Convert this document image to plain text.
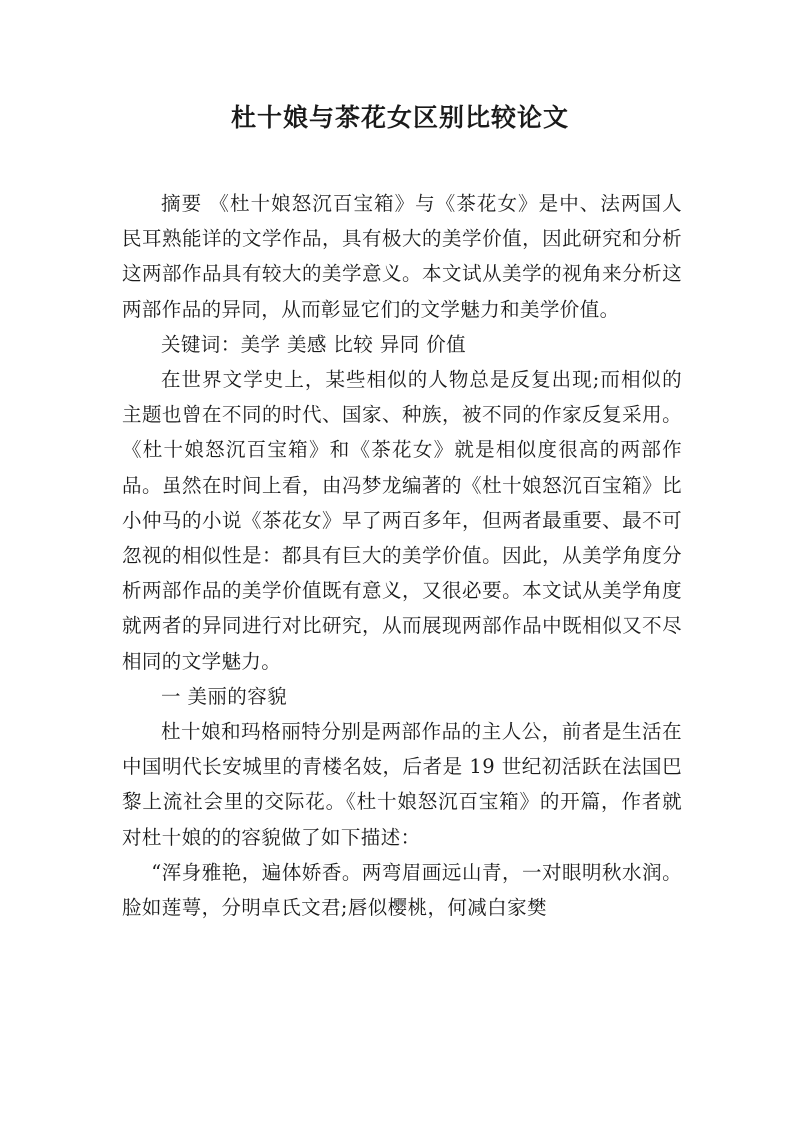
杜十娘与茶花女区别比较论文

摘要 《杜十娘怒沉百宝箱》与《茶花女》是中、法两国人民耳熟能详的文学作品，具有极大的美学价值，因此研究和分析这两部作品具有较大的美学意义。本文试从美学的视角来分析这两部作品的异同，从而彰显它们的文学魅力和美学价值。

关键词：美学 美感 比较 异同 价值

在世界文学史上，某些相似的人物总是反复出现;而相似的主题也曾在不同的时代、国家、种族，被不同的作家反复采用。《杜十娘怒沉百宝箱》和《茶花女》就是相似度很高的两部作品。虽然在时间上看，由冯梦龙编著的《杜十娘怒沉百宝箱》比小仲马的小说《茶花女》早了两百多年，但两者最重要、最不可忽视的相似性是：都具有巨大的美学价值。因此，从美学角度分析两部作品的美学价值既有意义，又很必要。本文试从美学角度就两者的异同进行对比研究，从而展现两部作品中既相似又不尽相同的文学魅力。

一 美丽的容貌

杜十娘和玛格丽特分别是两部作品的主人公，前者是生活在中国明代长安城里的青楼名妓，后者是 19 世纪初活跃在法国巴黎上流社会里的交际花。《杜十娘怒沉百宝箱》的开篇，作者就对杜十娘的的容貌做了如下描述：

“浑身雅艳，遍体娇香。两弯眉画远山青，一对眼明秋水润。脸如莲萼，分明卓氏文君;唇似樱桃，何减白家樊
